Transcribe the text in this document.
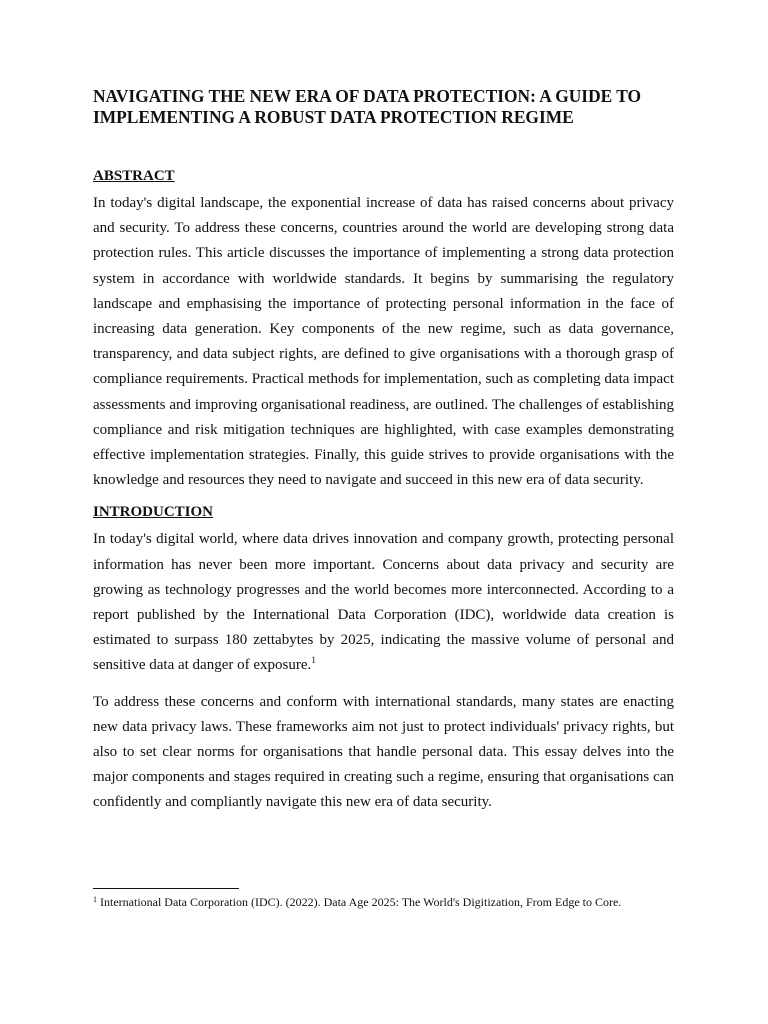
NAVIGATING THE NEW ERA OF DATA PROTECTION: A GUIDE TO IMPLEMENTING A ROBUST DATA PROTECTION REGIME
ABSTRACT

In today's digital landscape, the exponential increase of data has raised concerns about privacy and security. To address these concerns, countries around the world are developing strong data protection rules. This article discusses the importance of implementing a strong data protection system in accordance with worldwide standards. It begins by summarising the regulatory landscape and emphasising the importance of protecting personal information in the face of increasing data generation. Key components of the new regime, such as data governance, transparency, and data subject rights, are defined to give organisations with a thorough grasp of compliance requirements. Practical methods for implementation, such as completing data impact assessments and improving organisational readiness, are outlined. The challenges of establishing compliance and risk mitigation techniques are highlighted, with case examples demonstrating effective implementation strategies. Finally, this guide strives to provide organisations with the knowledge and resources they need to navigate and succeed in this new era of data security.

INTRODUCTION

In today's digital world, where data drives innovation and company growth, protecting personal information has never been more important. Concerns about data privacy and security are growing as technology progresses and the world becomes more interconnected. According to a report published by the International Data Corporation (IDC), worldwide data creation is estimated to surpass 180 zettabytes by 2025, indicating the massive volume of personal and sensitive data at danger of exposure.$^1$

To address these concerns and conform with international standards, many states are enacting new data privacy laws. These frameworks aim not just to protect individuals' privacy rights, but also to set clear norms for organisations that handle personal data. This essay delves into the major components and stages required in creating such a regime, ensuring that organisations can confidently and compliantly navigate this new era of data security.

$^1$ International Data Corporation (IDC). (2022). Data Age 2025: The World's Digitization, From Edge to Core.
